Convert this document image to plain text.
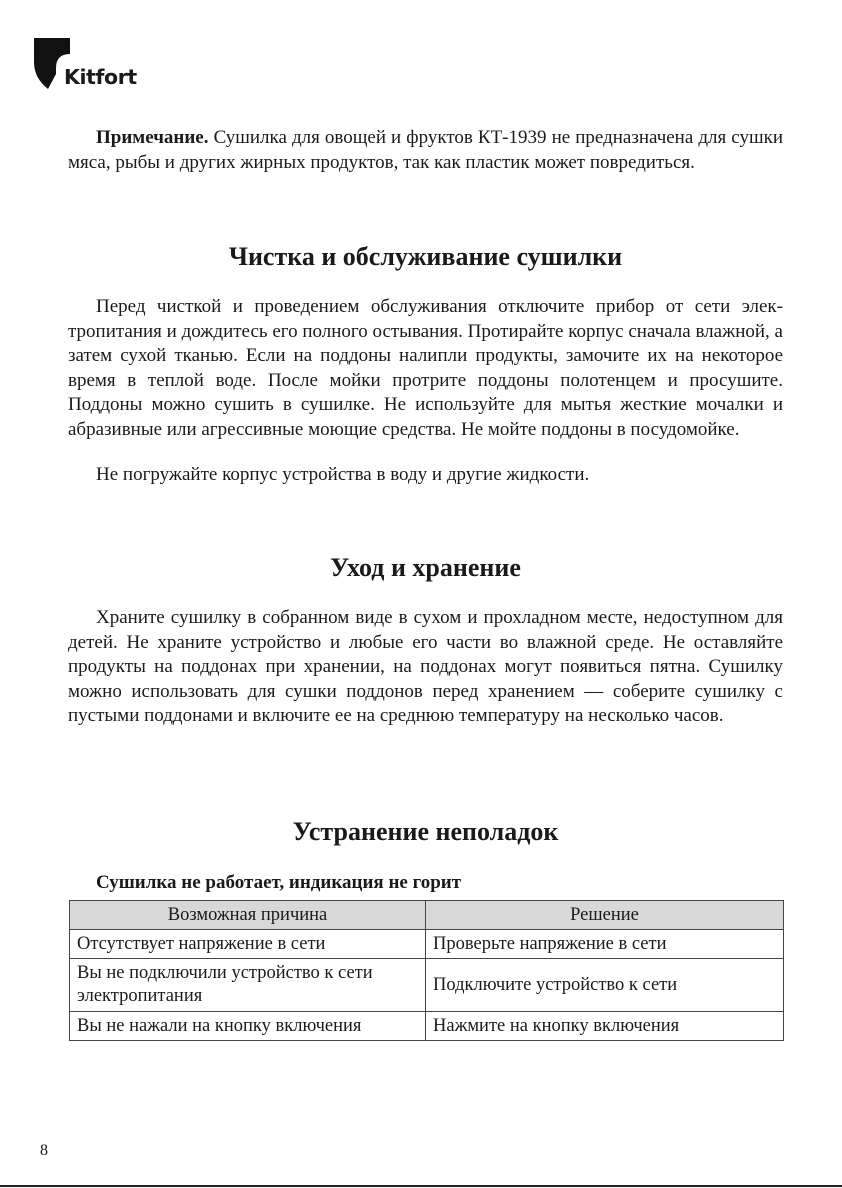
Kitfort

Примечание. Сушилка для овощей и фруктов КТ-1939 не предназначена для сушки мяса, рыбы и других жирных продуктов, так как пластик может повредиться.

Чистка и обслуживание сушилки

Перед чисткой и проведением обслуживания отключите прибор от сети электропитания и дождитесь его полного остывания. Протирайте корпус сначала влажной, а затем сухой тканью. Если на поддоны налипли продукты, замочите их на некоторое время в теплой воде. После мойки протрите поддоны полотенцем и просушите. Поддоны можно сушить в сушилке. Не используйте для мытья жесткие мочалки и абразивные или агрессивные моющие средства. Не мойте поддоны в посудомойке.

Не погружайте корпус устройства в воду и другие жидкости.

Уход и хранение

Храните сушилку в собранном виде в сухом и прохладном месте, недоступном для детей. Не храните устройство и любые его части во влажной среде. Не оставляйте продукты на поддонах при хранении, на поддонах могут появиться пятна. Сушилку можно использовать для сушки поддонов перед хранением — соберите сушилку с пустыми поддонами и включите ее на среднюю температуру на несколько часов.

Устранение неполадок

Сушилка не работает, индикация не горит

Возможная причина	Решение
Отсутствует напряжение в сети	Проверьте напряжение в сети
Вы не подключили устройство к сети электропитания	Подключите устройство к сети
Вы не нажали на кнопку включения	Нажмите на кнопку включения
8
